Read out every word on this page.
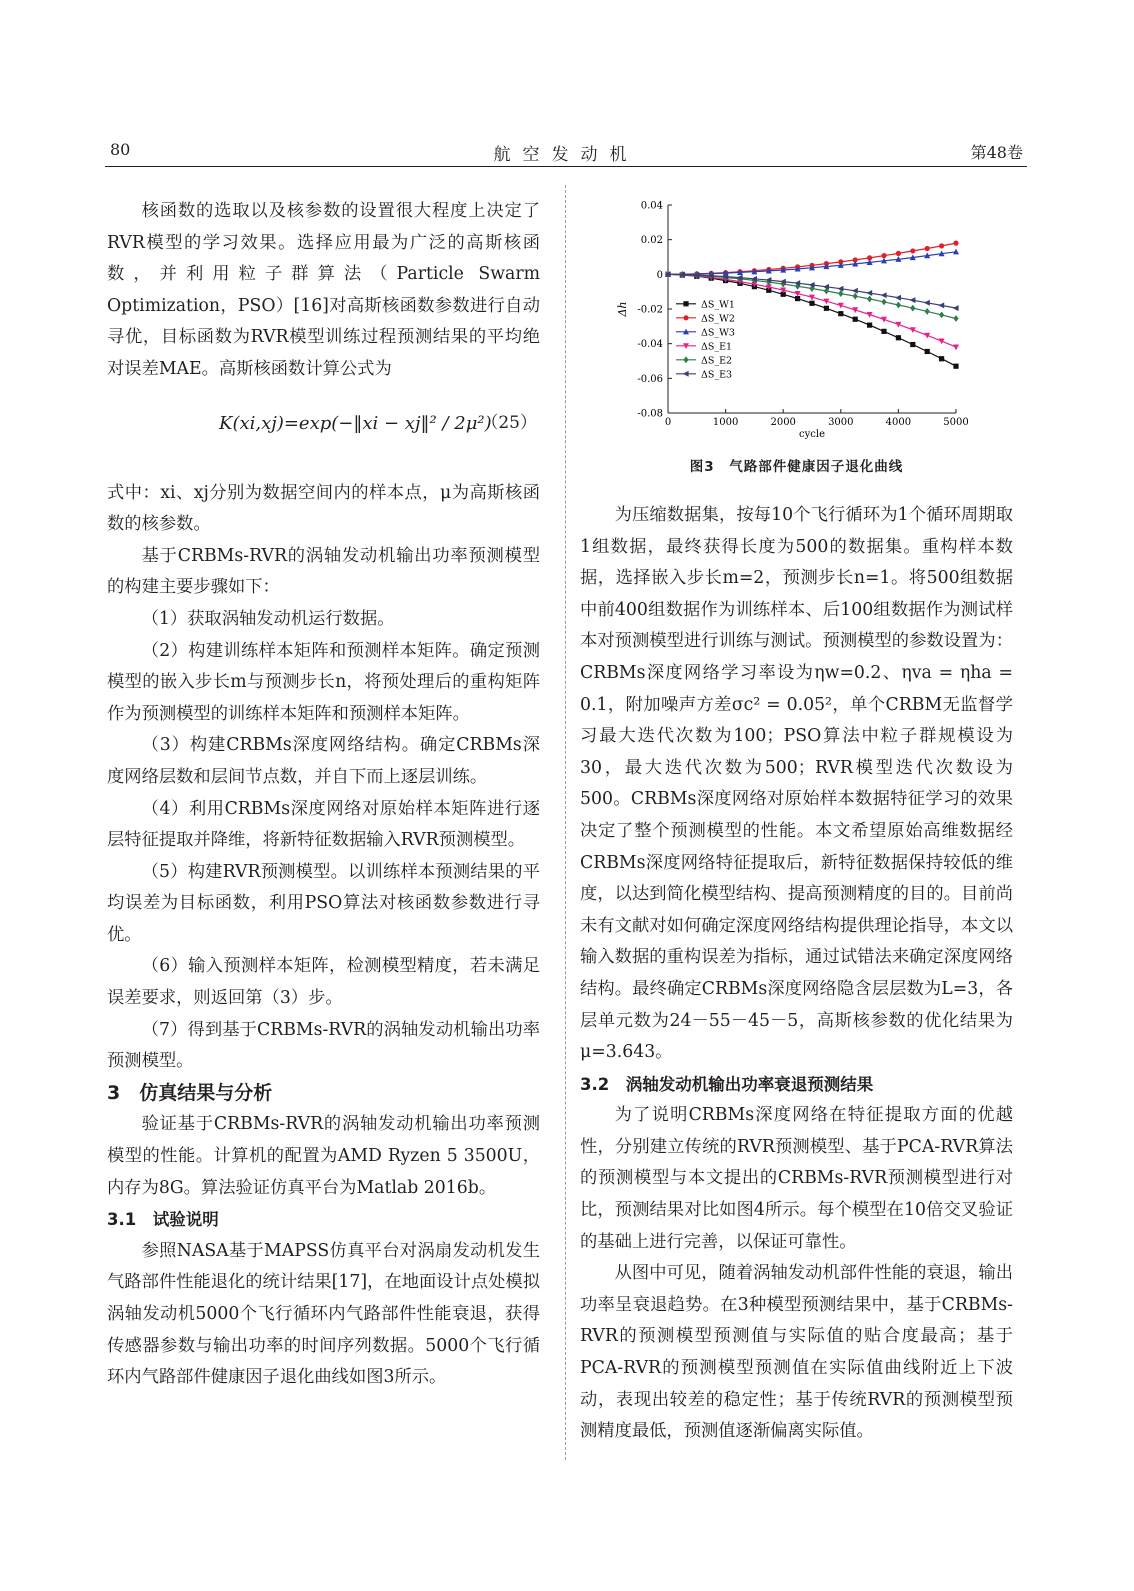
80	航空发动机	第48卷

核函数的选取以及核参数的设置很大程度上决定了RVR模型的学习效果。选择应用最为广泛的高斯核函数，并利用粒子群算法（Particle Swarm Optimization，PSO）[16]对高斯核函数参数进行自动寻优，目标函数为RVR模型训练过程预测结果的平均绝对误差MAE。高斯核函数计算公式为

K(xi,xj)=exp(−‖xi − xj‖² / 2μ²)
（25）

式中：xi、xj分别为数据空间内的样本点，μ为高斯核函数的核参数。

基于CRBMs-RVR的涡轴发动机输出功率预测模型的构建主要步骤如下：

（1）获取涡轴发动机运行数据。

（2）构建训练样本矩阵和预测样本矩阵。确定预测模型的嵌入步长m与预测步长n，将预处理后的重构矩阵作为预测模型的训练样本矩阵和预测样本矩阵。

（3）构建CRBMs深度网络结构。确定CRBMs深度网络层数和层间节点数，并自下而上逐层训练。

（4）利用CRBMs深度网络对原始样本矩阵进行逐层特征提取并降维，将新特征数据输入RVR预测模型。

（5）构建RVR预测模型。以训练样本预测结果的平均误差为目标函数，利用PSO算法对核函数参数进行寻优。

（6）输入预测样本矩阵，检测模型精度，若未满足误差要求，则返回第（3）步。

（7）得到基于CRBMs-RVR的涡轴发动机输出功率预测模型。

3　仿真结果与分析

验证基于CRBMs-RVR的涡轴发动机输出功率预测模型的性能。计算机的配置为AMD Ryzen 5 3500U，内存为8G。算法验证仿真平台为Matlab 2016b。

3.1　试验说明

参照NASA基于MAPSS仿真平台对涡扇发动机发生气路部件性能退化的统计结果[17]，在地面设计点处模拟涡轴发动机5000个飞行循环内气路部件性能衰退，获得传感器参数与输出功率的时间序列数据。5000个飞行循环内气路部件健康因子退化曲线如图3所示。

0.04
0.02
0
-0.02
-0.04
-0.06
-0.08
0	1000	2000	3000	4000	5000
cycle
Δh	ΔS_W1
ΔS_W2
ΔS_W3
ΔS_E1
ΔS_E2
ΔS_E3
图3　气路部件健康因子退化曲线

为压缩数据集，按每10个飞行循环为1个循环周期取1组数据，最终获得长度为500的数据集。重构样本数据，选择嵌入步长m=2，预测步长n=1。将500组数据中前400组数据作为训练样本、后100组数据作为测试样本对预测模型进行训练与测试。预测模型的参数设置为：CRBMs深度网络学习率设为ηw=0.2、ηva = ηha = 0.1，附加噪声方差σc² = 0.05²，单个CRBM无监督学习最大迭代次数为100；PSO算法中粒子群规模设为30，最大迭代次数为500；RVR模型迭代次数设为500。CRBMs深度网络对原始样本数据特征学习的效果决定了整个预测模型的性能。本文希望原始高维数据经CRBMs深度网络特征提取后，新特征数据保持较低的维度，以达到简化模型结构、提高预测精度的目的。目前尚未有文献对如何确定深度网络结构提供理论指导，本文以输入数据的重构误差为指标，通过试错法来确定深度网络结构。最终确定CRBMs深度网络隐含层层数为L=3，各层单元数为24－55－45－5，高斯核参数的优化结果为μ=3.643。

3.2　涡轴发动机输出功率衰退预测结果

为了说明CRBMs深度网络在特征提取方面的优越性，分别建立传统的RVR预测模型、基于PCA-RVR算法的预测模型与本文提出的CRBMs-RVR预测模型进行对比，预测结果对比如图4所示。每个模型在10倍交叉验证的基础上进行完善，以保证可靠性。

从图中可见，随着涡轴发动机部件性能的衰退，输出功率呈衰退趋势。在3种模型预测结果中，基于CRBMs-RVR的预测模型预测值与实际值的贴合度最高；基于PCA-RVR的预测模型预测值在实际值曲线附近上下波动，表现出较差的稳定性；基于传统RVR的预测模型预测精度最低，预测值逐渐偏离实际值。
